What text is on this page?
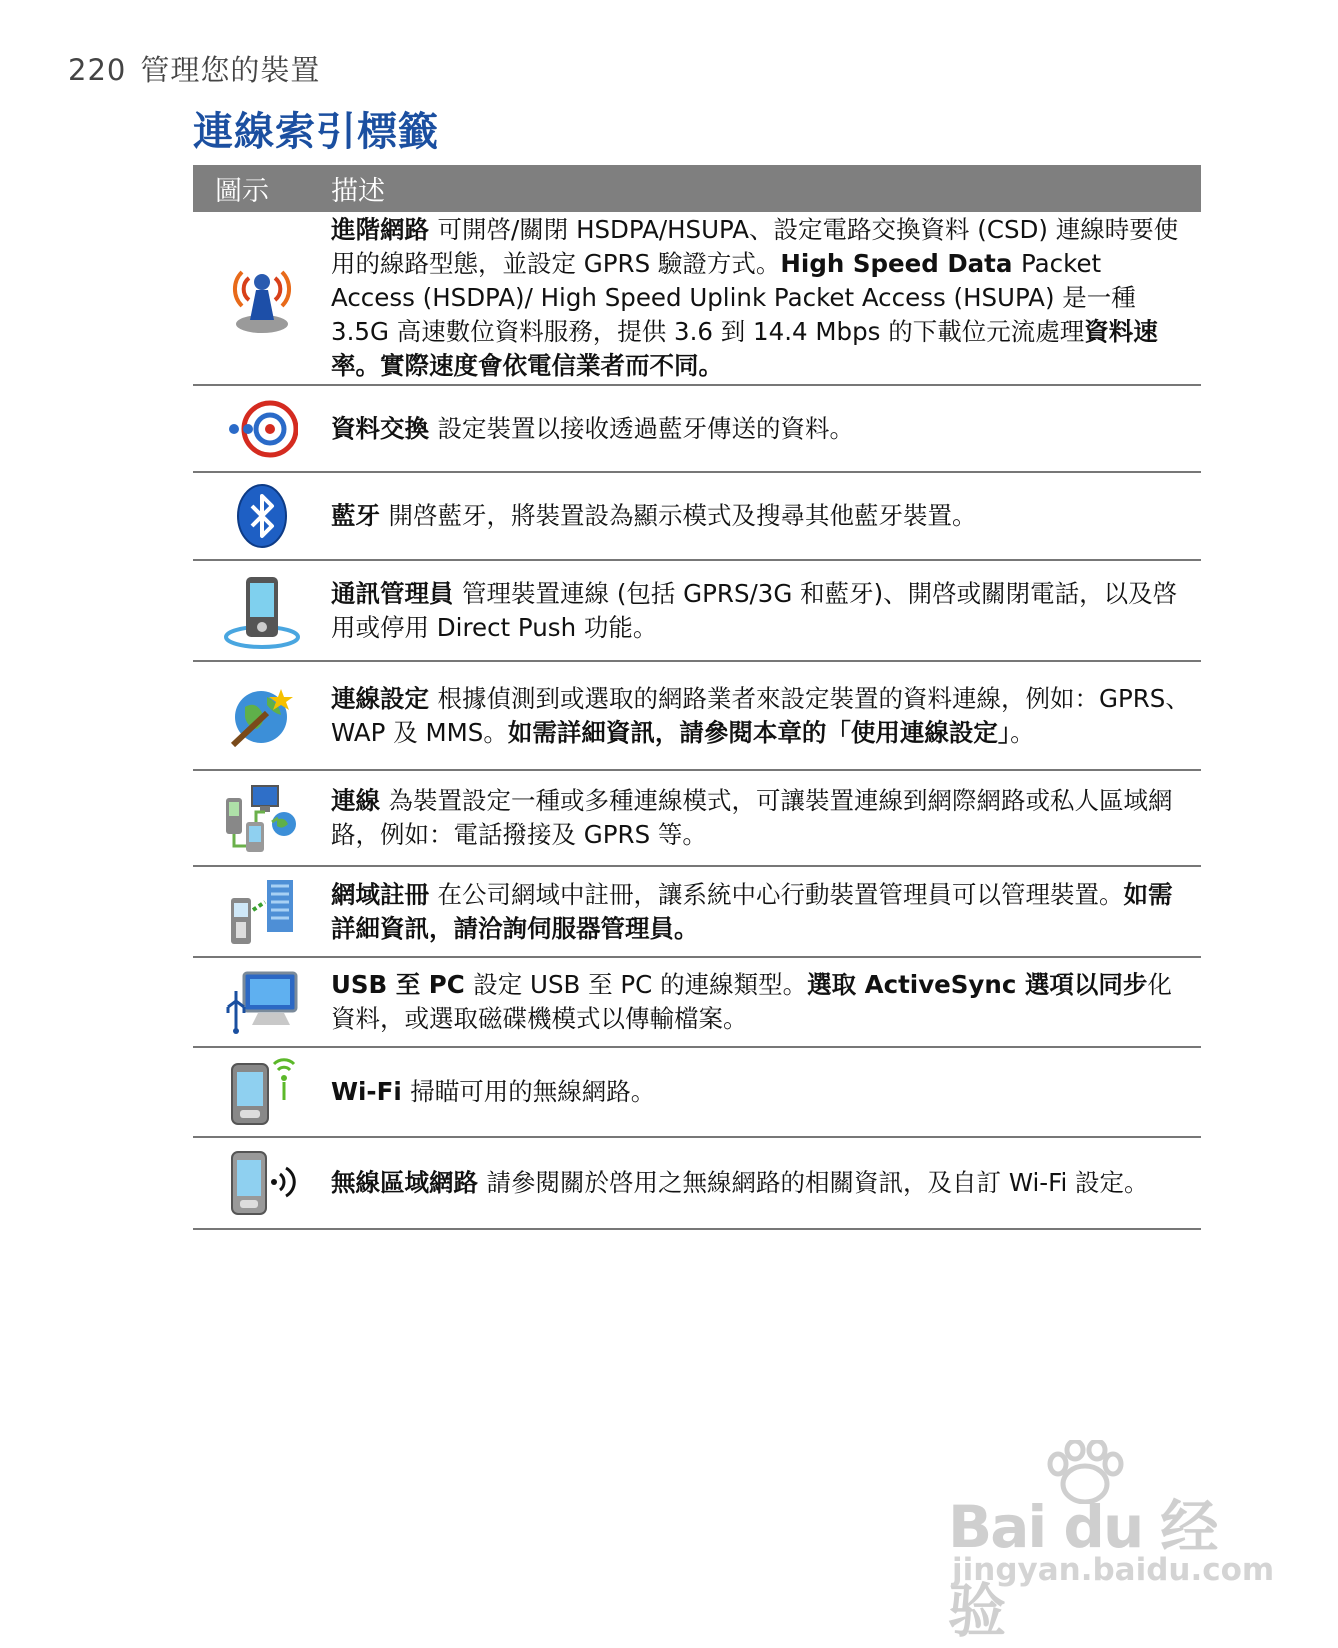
220 管理您的裝置
連線索引標籤
圖示	描述
進階網路 可開啓/關閉 HSDPA/HSUPA、設定電路交換資料 (CSD) 連線時要使用的線路型態，並設定 GPRS 驗證方式。High Speed Data Packet Access (HSDPA)/ High Speed Uplink Packet Access (HSUPA) 是一種 3.5G 高速數位資料服務，提供 3.6 到 14.4 Mbps 的下載位元流處理資料速率。實際速度會依電信業者而不同。
資料交換 設定裝置以接收透過藍牙傳送的資料。
藍牙 開啓藍牙，將裝置設為顯示模式及搜尋其他藍牙裝置。
通訊管理員 管理裝置連線 (包括 GPRS/3G 和藍牙)、開啓或關閉電話，以及啓用或停用 Direct Push 功能。
連線設定 根據偵測到或選取的網路業者來設定裝置的資料連線，例如：GPRS、WAP 及 MMS。如需詳細資訊，請參閱本章的「使用連線設定」。
連線 為裝置設定一種或多種連線模式，可讓裝置連線到網際網路或私人區域網路，例如：電話撥接及 GPRS 等。
網域註冊 在公司網域中註冊，讓系統中心行動裝置管理員可以管理裝置。如需詳細資訊，請洽詢伺服器管理員。
USB 至 PC 設定 USB 至 PC 的連線類型。選取 ActiveSync 選項以同步化資料，或選取磁碟機模式以傳輸檔案。
Wi-Fi 掃瞄可用的無線網路。
無線區域網路 請參閱關於啓用之無線網路的相關資訊，及自訂 Wi-Fi 設定。
Bai du 经验
jingyan.baidu.com
